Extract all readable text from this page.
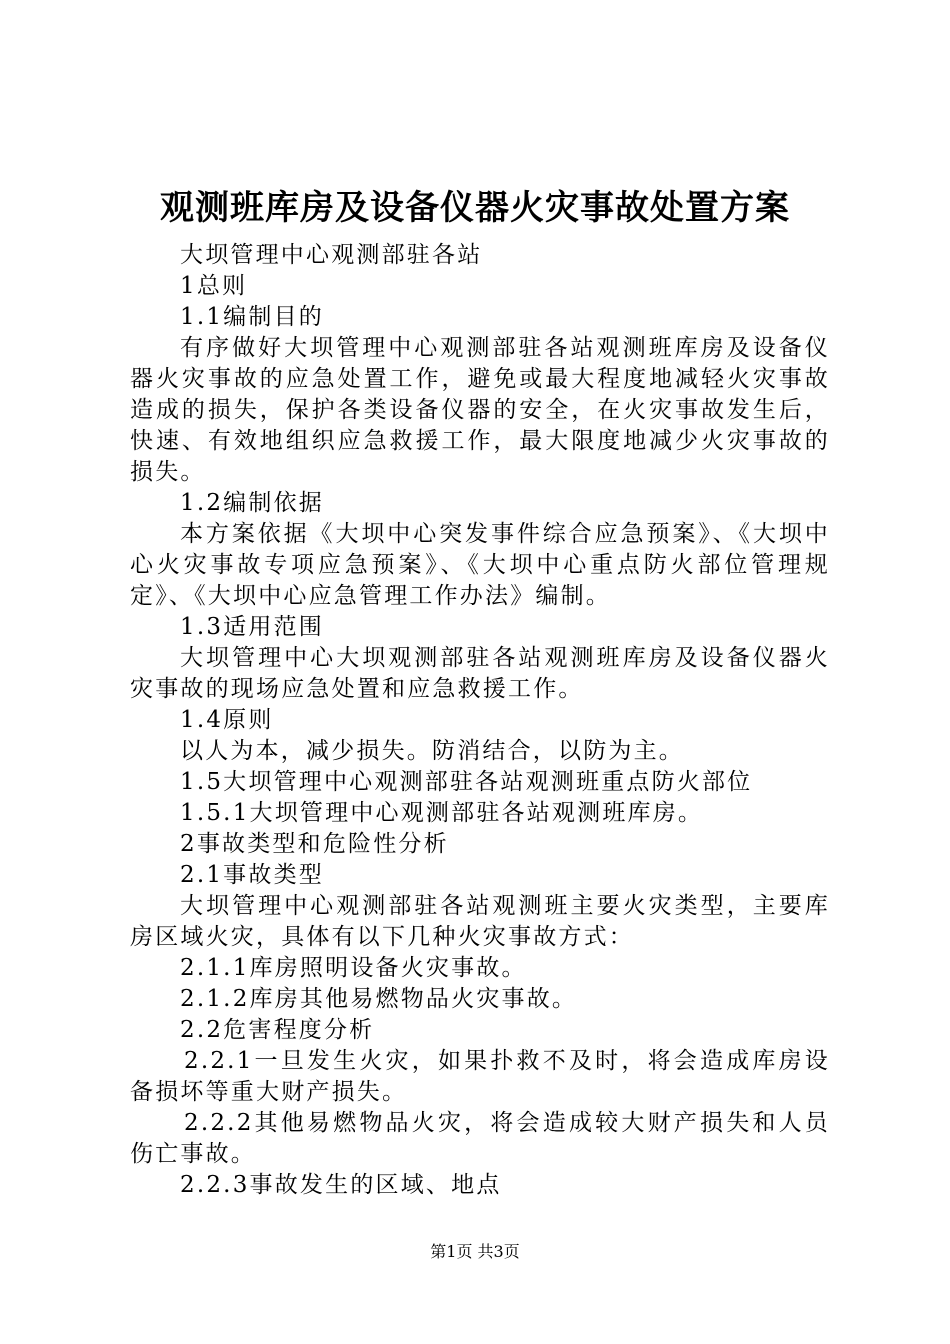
观测班库房及设备仪器火灾事故处置方案

大坝管理中心观测部驻各站

1总则

1.1编制目的

有序做好大坝管理中心观测部驻各站观测班库房及设备仪器火灾事故的应急处置工作，避免或最大程度地减轻火灾事故造成的损失，保护各类设备仪器的安全，在火灾事故发生后，快速、有效地组织应急救援工作，最大限度地减少火灾事故的损失。

1.2编制依据

本方案依据《大坝中心突发事件综合应急预案》、《大坝中心火灾事故专项应急预案》、《大坝中心重点防火部位管理规定》、《大坝中心应急管理工作办法》编制。

1.3适用范围

大坝管理中心大坝观测部驻各站观测班库房及设备仪器火灾事故的现场应急处置和应急救援工作。

1.4原则

以人为本，减少损失。防消结合，以防为主。

1.5大坝管理中心观测部驻各站观测班重点防火部位

1.5.1大坝管理中心观测部驻各站观测班库房。

2事故类型和危险性分析

2.1事故类型

大坝管理中心观测部驻各站观测班主要火灾类型，主要库房区域火灾，具体有以下几种火灾事故方式：

2.1.1库房照明设备火灾事故。

2.1.2库房其他易燃物品火灾事故。

2.2危害程度分析

2.2.1一旦发生火灾，如果扑救不及时，将会造成库房设备损坏等重大财产损失。

2.2.2其他易燃物品火灾，将会造成较大财产损失和人员伤亡事故。

2.2.3事故发生的区域、地点

第1页 共3页
